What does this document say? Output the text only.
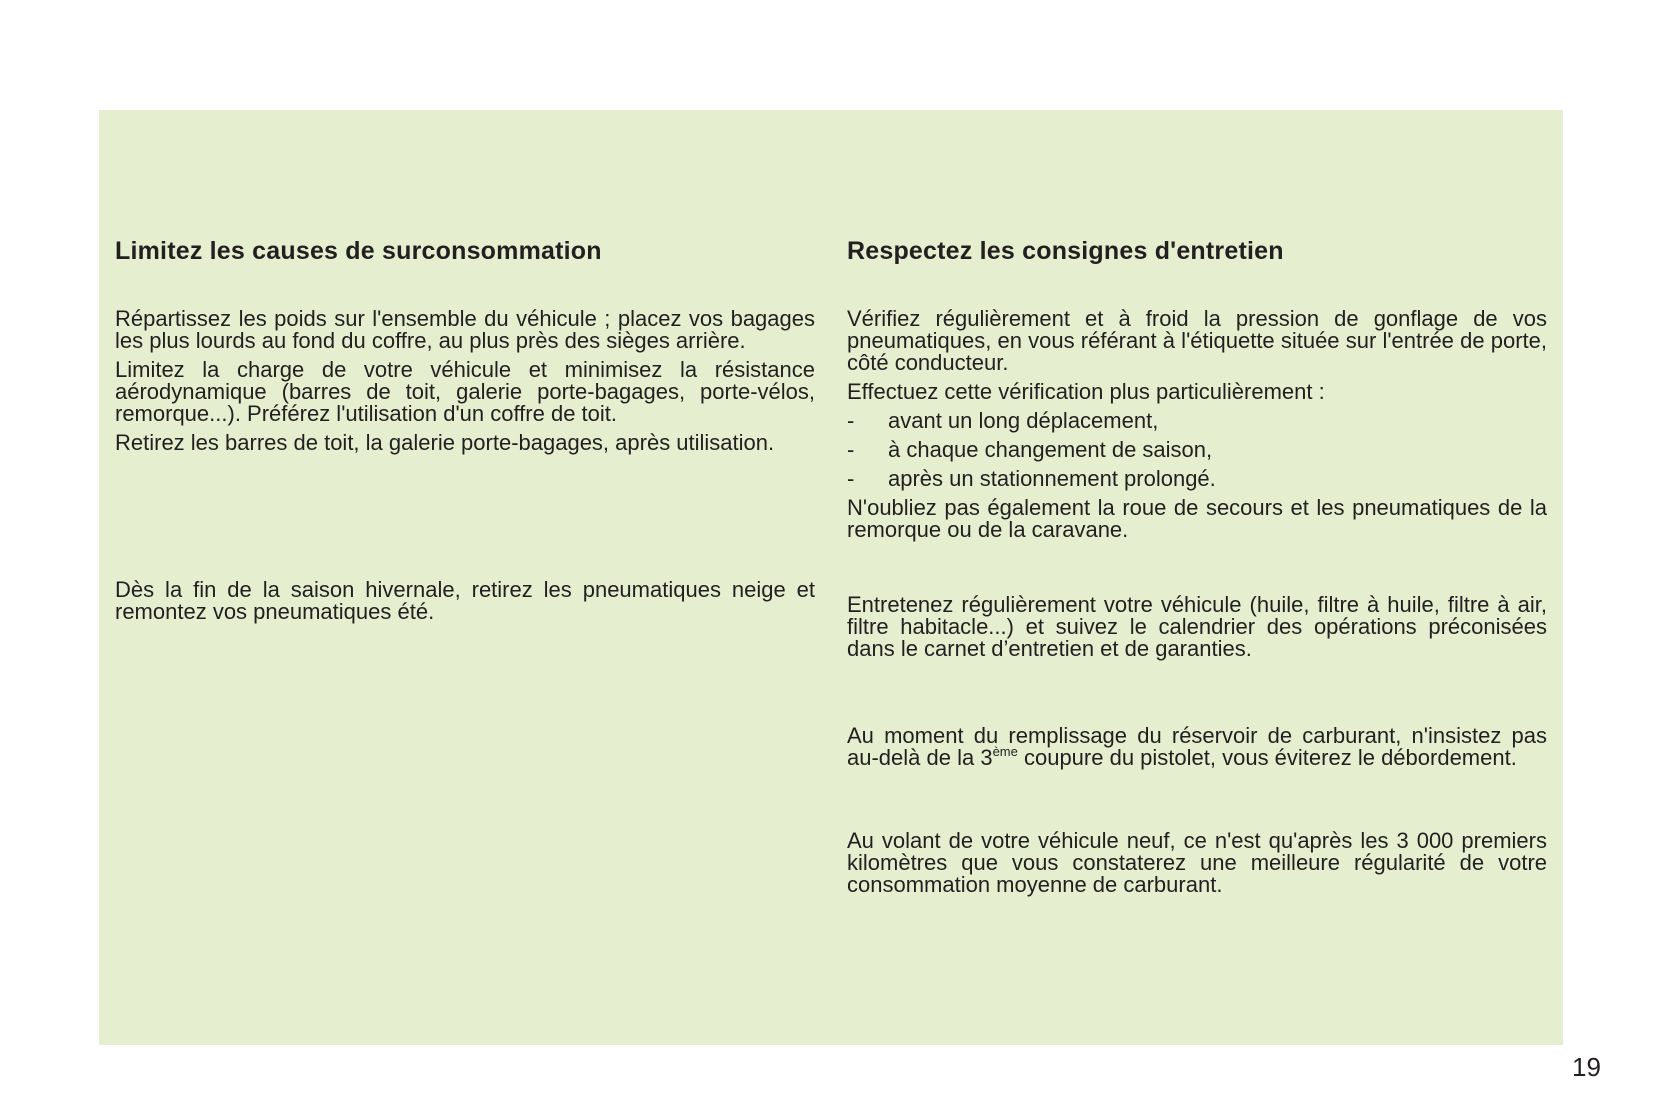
Limitez les causes de surconsommation

Répartissez les poids sur l'ensemble du véhicule ; placez vos bagages les plus lourds au fond du coffre, au plus près des sièges arrière.

Limitez la charge de votre véhicule et minimisez la résistance aérodynamique (barres de toit, galerie porte-bagages, porte-vélos, remorque...). Préférez l'utilisation d'un coffre de toit.

Retirez les barres de toit, la galerie porte-bagages, après utilisation.

Dès la fin de la saison hivernale, retirez les pneumatiques neige et remontez vos pneumatiques été.

Respectez les consignes d'entretien

Vérifiez régulièrement et à froid la pression de gonflage de vos pneumatiques, en vous référant à l'étiquette située sur l'entrée de porte, côté conducteur.

Effectuez cette vérification plus particulièrement :

-	avant un long déplacement,
-	à chaque changement de saison,
-	après un stationnement prolongé.

N'oubliez pas également la roue de secours et les pneumatiques de la remorque ou de la caravane.

Entretenez régulièrement votre véhicule (huile, filtre à huile, filtre à air, filtre habitacle...) et suivez le calendrier des opérations préconisées dans le carnet d’entretien et de garanties.

Au moment du remplissage du réservoir de carburant, n'insistez pas au-delà de la 3ème coupure du pistolet, vous éviterez le débordement.

Au volant de votre véhicule neuf, ce n'est qu'après les 3 000 premiers kilomètres que vous constaterez une meilleure régularité de votre consommation moyenne de carburant.

19
